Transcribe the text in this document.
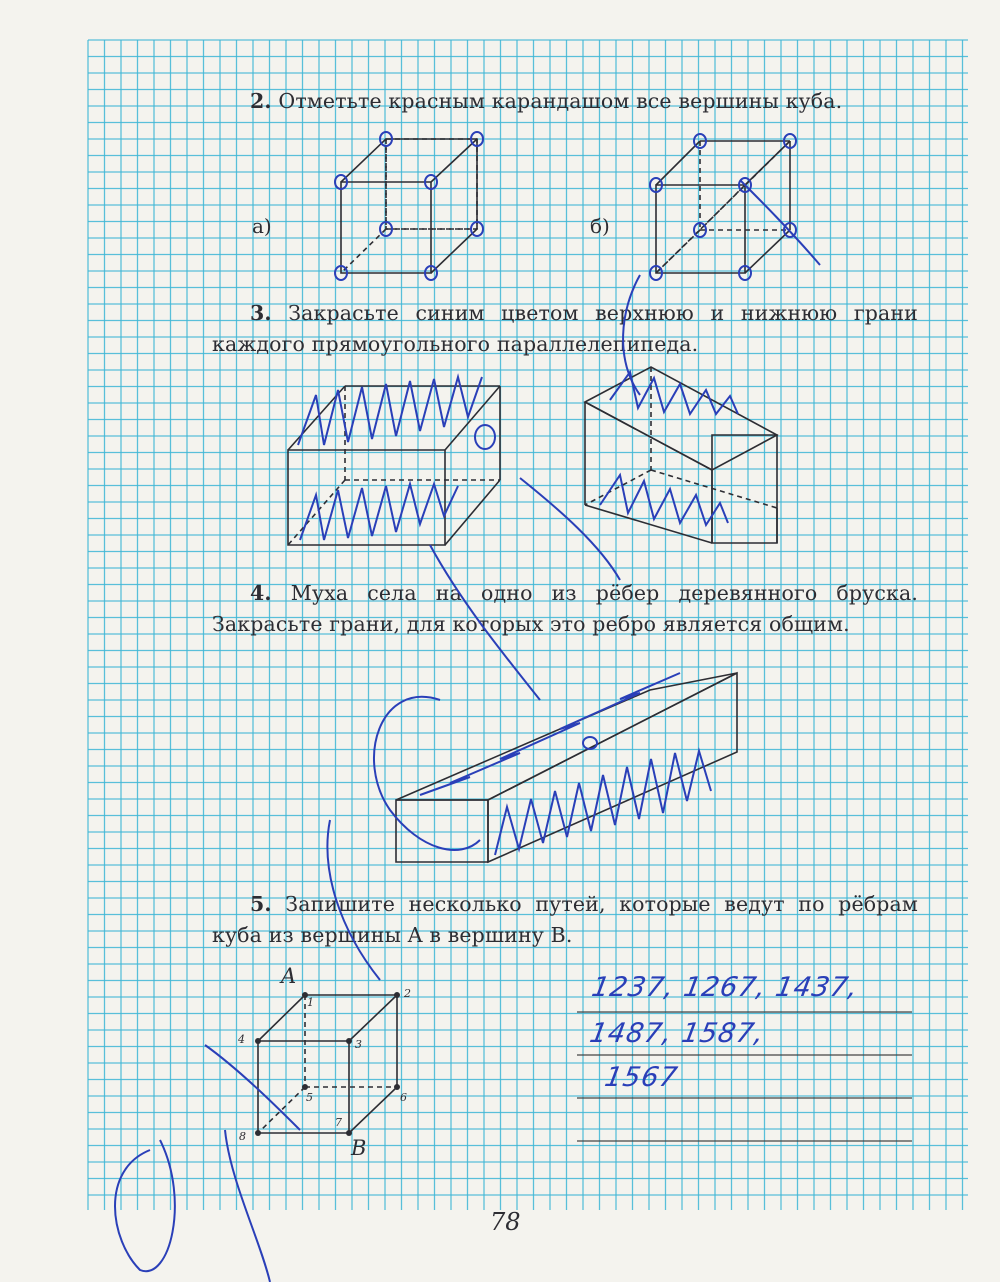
2. Отметьте красным карандашом все вершины куба.
а)	б)
3. Закрасьте синим цветом верхнюю и нижнюю грани каждого прямоугольного параллелепипеда.
4. Муха села на одно из рёбер деревянного бруска. Закрасьте грани, для которых это ребро является общим.
5. Запишите несколько путей, которые ведут по рёбрам куба из вершины A в вершину B.
A
B
1
2
3
4
5	6
7
8
1237, 1267, 1437,
1487, 1587,
1567
78
